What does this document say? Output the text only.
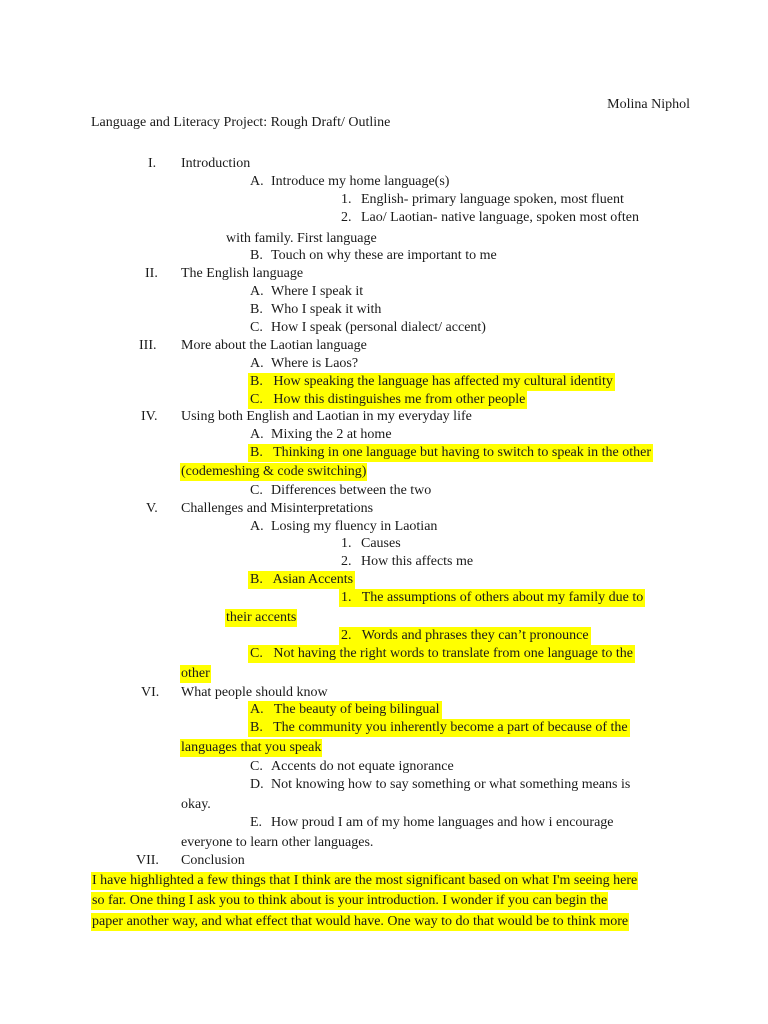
Molina Niphol
Language and Literacy Project: Rough Draft/ Outline
I. Introduction
A. Introduce my home language(s)
1. English- primary language spoken, most fluent
2. Lao/ Laotian- native language, spoken most often
with family. First language
B. Touch on why these are important to me
II. The English language
A. Where I speak it
B. Who I speak it with
C. How I speak (personal dialect/ accent)
III. More about the Laotian language
A. Where is Laos?
B. How speaking the language has affected my cultural identity
C. How this distinguishes me from other people
IV. Using both English and Laotian in my everyday life
A. Mixing the 2 at home
B. Thinking in one language but having to switch to speak in the other
(codemeshing & code switching)
C. Differences between the two
V. Challenges and Misinterpretations
A. Losing my fluency in Laotian
1. Causes
2. How this affects me
B. Asian Accents
1. The assumptions of others about my family due to
their accents
2. Words and phrases they can’t pronounce
C. Not having the right words to translate from one language to the
other
VI. What people should know
A. The beauty of being bilingual
B. The community you inherently become a part of because of the
languages that you speak
C. Accents do not equate ignorance
D. Not knowing how to say something or what something means is
okay.
E. How proud I am of my home languages and how i encourage
everyone to learn other languages.
VII. Conclusion
I have highlighted a few things that I think are the most significant based on what I'm seeing here
so far. One thing I ask you to think about is your introduction. I wonder if you can begin the
paper another way, and what effect that would have. One way to do that would be to think more
